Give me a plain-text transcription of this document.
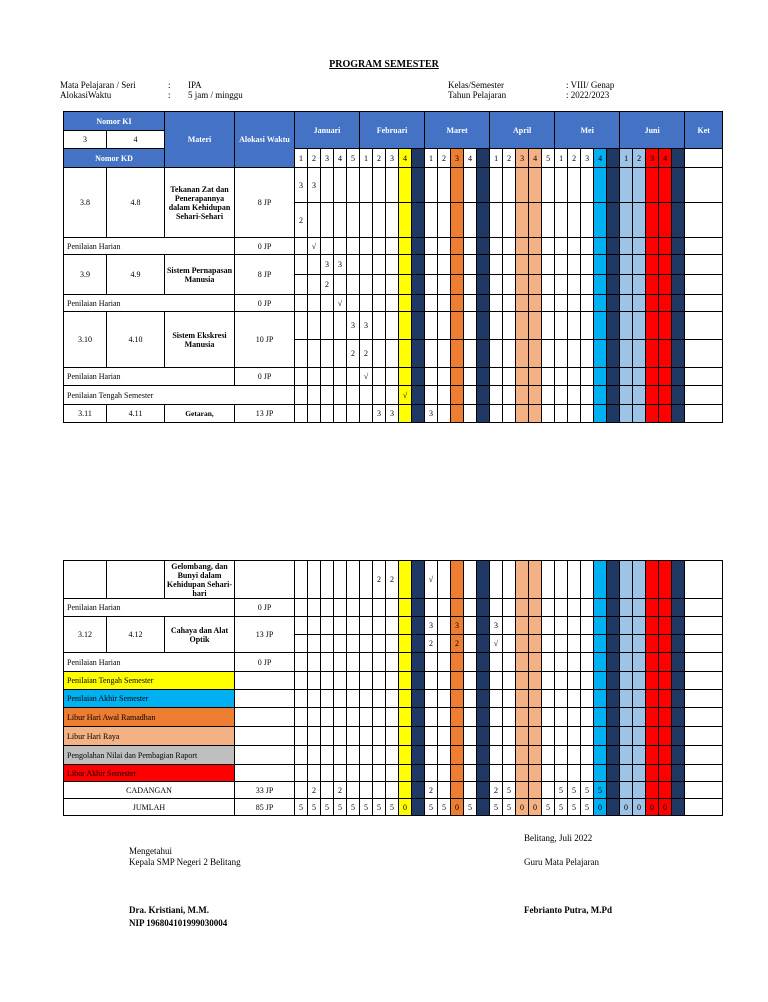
PROGRAM SEMESTER
Mata Pelajaran / Seri	: IPA
AlokasiWaktu	: 5 jam / minggu
Kelas/Semester	: VIII/ Genap
Tahun Pelajaran	: 2022/2023
Nomor KI		Materi	Alokasi Waktu	Januari					Februari					Maret					April					Mei					Juni					Ket
3	4																																	
Nomor KD				1	2	3	4	5	1	2	3	4		1	2	3	4		1	2	3	4	5	1	2	3	4		1	2	3	4		
3.8	4.8	Tekanan Zat dan Penerapannya dalam Kehidupan Sehari-Sehari	8 JP	3	3																													
				2																														
Penilaian Harian			0 JP		√																													
3.9	4.9	Sistem Pernapasan Manusia	8 JP			3	3																											
						2																												
Penilaian Harian			0 JP				√																											
3.10	4.10	Sistem Ekskresi Manusia	10 JP					3	3																									
								2	2																									
Penilaian Harian			0 JP						√																									
Penilaian Tengah Semester												√																						
3.11	4.11	Getaran,	13 JP							3	3			3																				
		Gelombang, dan Bunyi dalam Kehidupan Sehari-hari								2	2			√																				
Penilaian Harian			0 JP																															
3.12	4.12	Cahaya dan Alat Optik	13 JP											3		3			3															
														2		2			√															
Penilaian Harian			0 JP																															
Penilaian Tengah Semester																																		
Penilaian Akhir Semester																																		
Libur Hari Awal Ramadhan																																		
Libur Hari Raya																																		
Pengolahan Nilai dan Pembagian Raport																																		
Libur Akhir Semester																																		
CADANGAN			33 JP		2		2							2					2	5				5	5	5	5							
JUMLAH			85 JP	5	5	5	5	5	5	5	5	0		5	5	0	5		5	5	0	0	5	5	5	5	0		0	0	0	0		
Belitang, Juli 2022
Mengetahui
Kepala SMP Negeri 2 Belitang	Guru Mata Pelajaran
Dra. Kristiani, M.M.
NIP 196804101999030004
Febrianto Putra, M.Pd
